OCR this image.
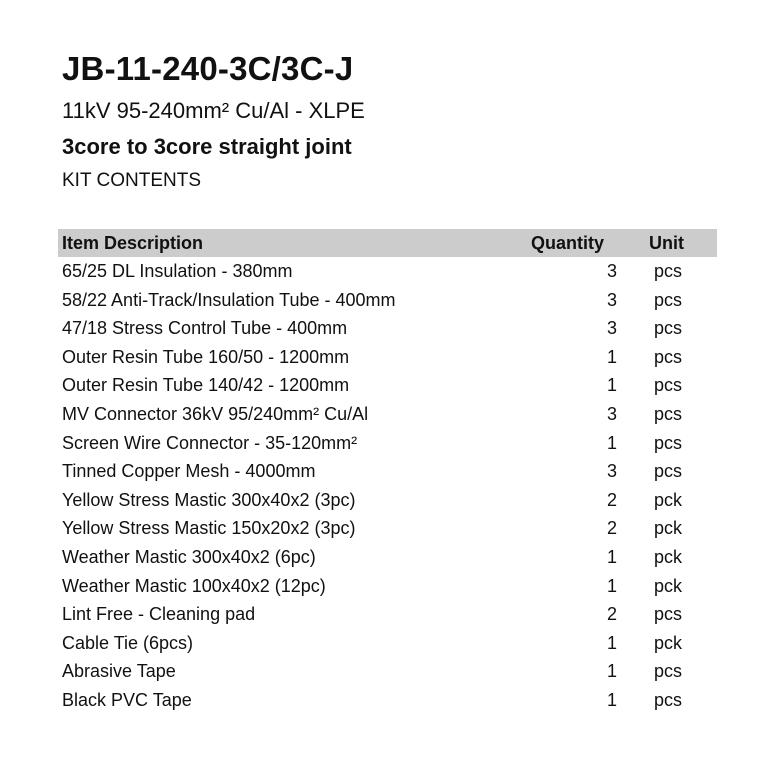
JB-11-240-3C/3C-J
11kV 95-240mm² Cu/Al - XLPE
3core to 3core straight joint
KIT CONTENTS
Item Description	Quantity Unit
65/25 DL Insulation - 380mm	3 pcs
58/22 Anti-Track/Insulation Tube - 400mm	3 pcs
47/18 Stress Control Tube - 400mm	3 pcs
Outer Resin Tube 160/50 - 1200mm	1 pcs
Outer Resin Tube 140/42 - 1200mm	1 pcs
MV Connector 36kV 95/240mm² Cu/Al	3 pcs
Screen Wire Connector - 35-120mm²	1 pcs
Tinned Copper Mesh - 4000mm	3 pcs
Yellow Stress Mastic 300x40x2 (3pc)	2 pck
Yellow Stress Mastic 150x20x2 (3pc)	2 pck
Weather Mastic 300x40x2 (6pc)	1 pck
Weather Mastic 100x40x2 (12pc)	1 pck
Lint Free - Cleaning pad	2 pcs
Cable Tie (6pcs)	1 pck
Abrasive Tape	1 pcs
Black PVC Tape	1 pcs
